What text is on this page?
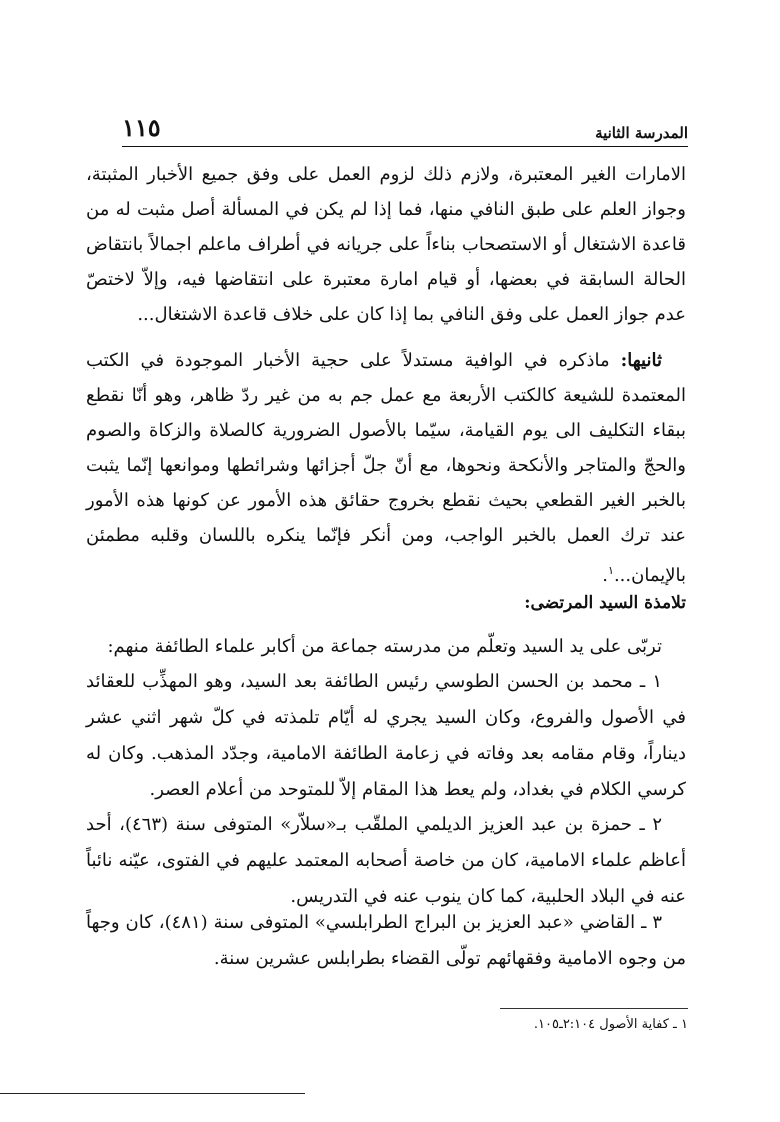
١١٥	المدرسة الثانية
الامارات الغير المعتبرة، ولازم ذلك لزوم العمل على وفق جميع الأخبار المثبتة، وجواز العلم على طبق النافي منها، فما إذا لم يكن في المسألة أصل مثبت له من قاعدة الاشتغال أو الاستصحاب بناءاً على جريانه في أطراف ماعلم اجمالاً بانتقاض الحالة السابقة في بعضها، أو قيام امارة معتبرة على انتقاضها فيه، وإلاّ لاختصّ عدم جواز العمل على وفق النافي بما إذا كان على خلاف قاعدة الاشتغال...
ثانيها: ماذكره في الوافية مستدلاً على حجية الأخبار الموجودة في الكتب المعتمدة للشيعة كالكتب الأربعة مع عمل جم به من غير ردّ ظاهر، وهو أنّا نقطع ببقاء التكليف الى يوم القيامة، سيّما بالأصول الضرورية كالصلاة والزكاة والصوم والحجّ والمتاجر والأنكحة ونحوها، مع أنّ جلّ أجزائها وشرائطها وموانعها إنّما يثبت بالخبر الغير القطعي بحيث نقطع بخروج حقائق هذه الأمور عن كونها هذه الأمور عند ترك العمل بالخبر الواجب، ومن أنكر فإنّما ينكره باللسان وقلبه مطمئن بالإيمان...$^١$.
تلامذة السيد المرتضى:
تربّى على يد السيد وتعلّم من مدرسته جماعة من أكابر علماء الطائفة منهم:
١ ـ محمد بن الحسن الطوسي رئيس الطائفة بعد السيد، وهو المهذِّب للعقائد في الأصول والفروع، وكان السيد يجري له أيّام تلمذته في كلّ شهر اثني عشر ديناراً، وقام مقامه بعد وفاته في زعامة الطائفة الامامية، وجدّد المذهب. وكان له كرسي الكلام في بغداد، ولم يعط هذا المقام إلاّ للمتوحد من أعلام العصر.
٢ ـ حمزة بن عبد العزيز الديلمي الملقّب بـ«سلاّر» المتوفى سنة (٤٦٣)، أحد أعاظم علماء الامامية، كان من خاصة أصحابه المعتمد عليهم في الفتوى، عيّنه نائباً عنه في البلاد الحلبية، كما كان ينوب عنه في التدريس.
٣ ـ القاضي «عبد العزيز بن البراج الطرابلسي» المتوفى سنة (٤٨١)، كان وجهاً من وجوه الامامية وفقهائهم تولّى القضاء بطرابلس عشرين سنة.
١ ـ كفاية الأصول ٢:١٠٤ـ١٠٥.
